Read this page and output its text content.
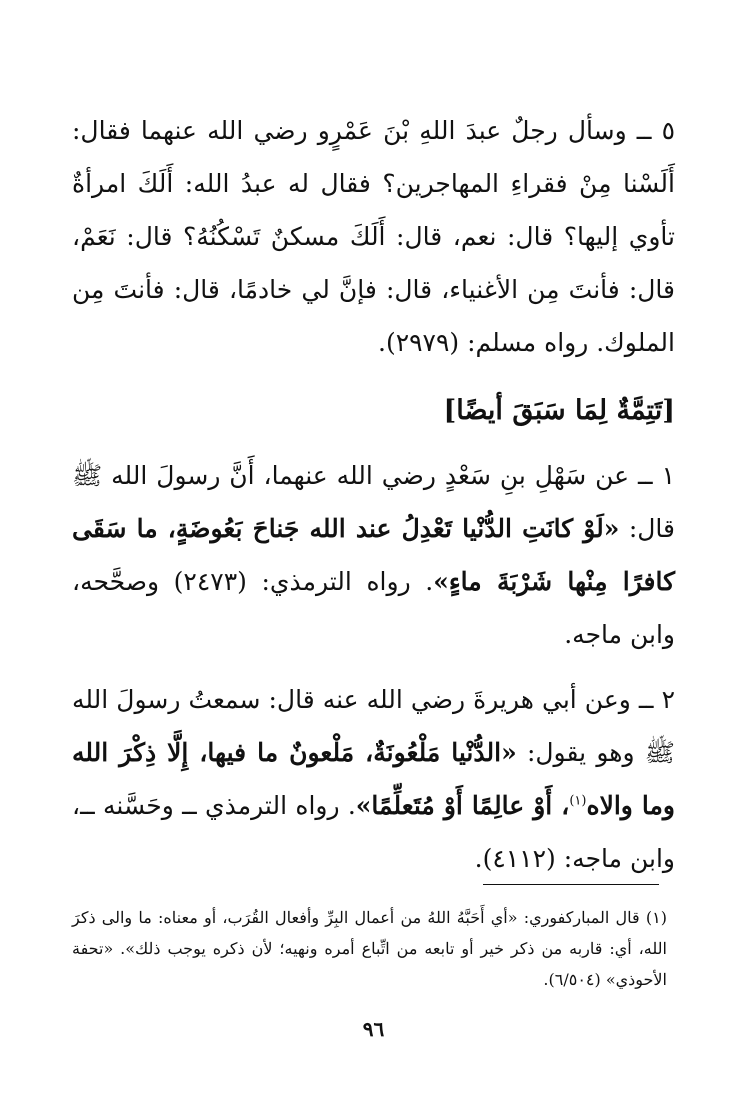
٥ ــ وسأل رجلٌ عبدَ اللهِ بْنَ عَمْرٍو رضي الله عنهما فقال: أَلَسْنا مِنْ فقراءِ المهاجرين؟ فقال له عبدُ الله: أَلَكَ امرأةٌ تأوي إليها؟ قال: نعم، قال: أَلَكَ مسكنٌ تَسْكُنُهُ؟ قال: نَعَمْ، قال: فأنتَ مِن الأغنياء، قال: فإنَّ لي خادمًا، قال: فأنتَ مِن الملوك. رواه مسلم: (٢٩٧٩).
[تَتِمَّةٌ لِمَا سَبَقَ أيضًا]
١ ــ عن سَهْلِ بنِ سَعْدٍ رضي الله عنهما، أَنَّ رسولَ الله ﷺ قال: «لَوْ كانَتِ الدُّنْيا تَعْدِلُ عند الله جَناحَ بَعُوضَةٍ، ما سَقَى كافرًا مِنْها شَرْبَةَ ماءٍ». رواه الترمذي: (٢٤٧٣) وصحَّحه، وابن ماجه.
٢ ــ وعن أبي هريرةَ رضي الله عنه قال: سمعتُ رسولَ الله ﷺ وهو يقول: «الدُّنْيا مَلْعُونَةٌ، مَلْعونٌ ما فيها، إِلَّا ذِكْرَ الله وما والاه$^{(١)}$، أَوْ عالِمًا أَوْ مُتَعلِّمًا». رواه الترمذي ــ وحَسَّنه ــ، وابن ماجه: (٤١١٢).
(١) قال المباركفوري: «أي أَحَبَّهُ اللهُ من أعمال البِرِّ وأفعال القُرَب، أو معناه: ما والى ذكرَ الله، أي: قاربه من ذكر خير أو تابعه من اتِّباع أمره ونهيه؛ لأن ذكره يوجب ذلك». «تحفة الأحوذي» (٦/٥٠٤).
٩٦
